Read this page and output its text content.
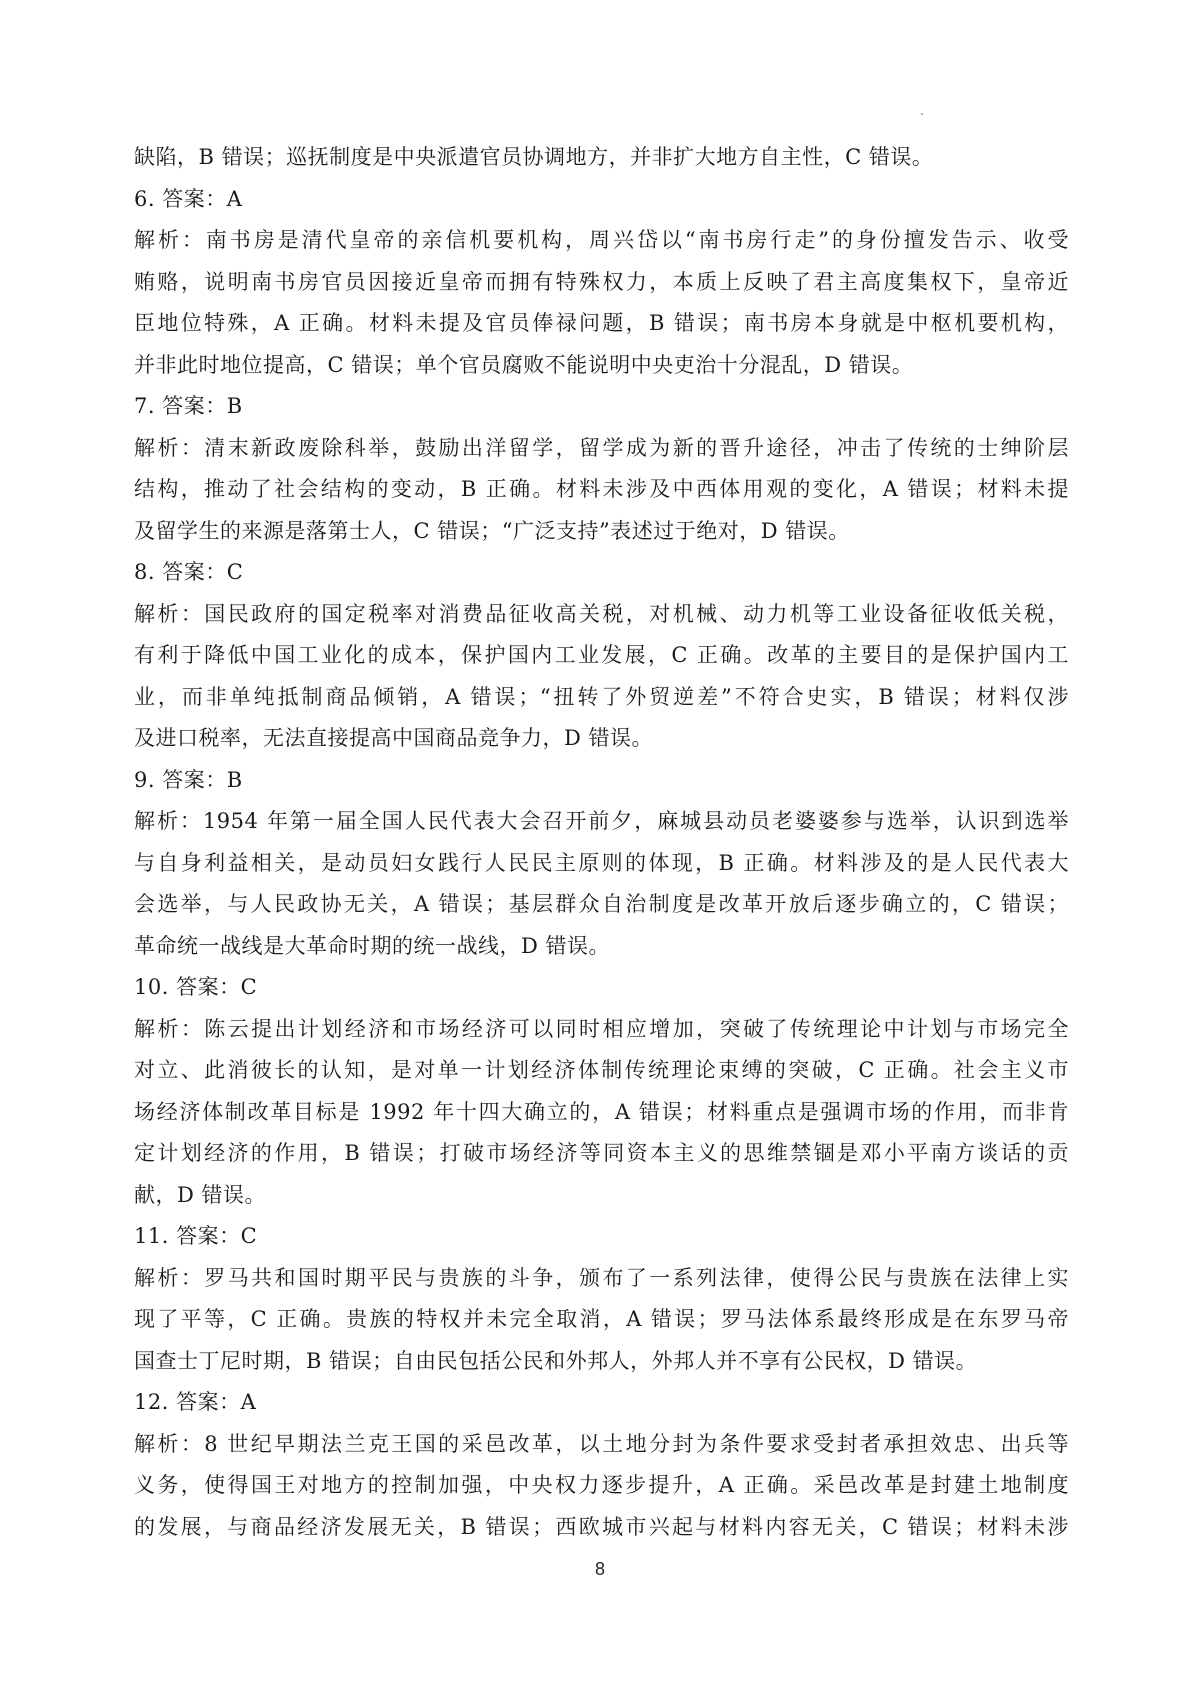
缺陷，B 错误；巡抚制度是中央派遣官员协调地方，并非扩大地方自主性，C 错误。
6. 答案：A
解析：南书房是清代皇帝的亲信机要机构，周兴岱以“南书房行走”的身份擅发告示、收受
贿赂，说明南书房官员因接近皇帝而拥有特殊权力，本质上反映了君主高度集权下，皇帝近
臣地位特殊，A 正确。材料未提及官员俸禄问题，B 错误；南书房本身就是中枢机要机构，
并非此时地位提高，C 错误；单个官员腐败不能说明中央吏治十分混乱，D 错误。
7. 答案：B
解析：清末新政废除科举，鼓励出洋留学，留学成为新的晋升途径，冲击了传统的士绅阶层
结构，推动了社会结构的变动，B 正确。材料未涉及中西体用观的变化，A 错误；材料未提
及留学生的来源是落第士人，C 错误；“广泛支持”表述过于绝对，D 错误。
8. 答案：C
解析：国民政府的国定税率对消费品征收高关税，对机械、动力机等工业设备征收低关税，
有利于降低中国工业化的成本，保护国内工业发展，C 正确。改革的主要目的是保护国内工
业，而非单纯抵制商品倾销，A 错误；“扭转了外贸逆差”不符合史实，B 错误；材料仅涉
及进口税率，无法直接提高中国商品竞争力，D 错误。
9. 答案：B
解析：1954 年第一届全国人民代表大会召开前夕，麻城县动员老婆婆参与选举，认识到选举
与自身利益相关，是动员妇女践行人民民主原则的体现，B 正确。材料涉及的是人民代表大
会选举，与人民政协无关，A 错误；基层群众自治制度是改革开放后逐步确立的，C 错误；
革命统一战线是大革命时期的统一战线，D 错误。
10. 答案：C
解析：陈云提出计划经济和市场经济可以同时相应增加，突破了传统理论中计划与市场完全
对立、此消彼长的认知，是对单一计划经济体制传统理论束缚的突破，C 正确。社会主义市
场经济体制改革目标是 1992 年十四大确立的，A 错误；材料重点是强调市场的作用，而非肯
定计划经济的作用，B 错误；打破市场经济等同资本主义的思维禁锢是邓小平南方谈话的贡
献，D 错误。
11. 答案：C
解析：罗马共和国时期平民与贵族的斗争，颁布了一系列法律，使得公民与贵族在法律上实
现了平等，C 正确。贵族的特权并未完全取消，A 错误；罗马法体系最终形成是在东罗马帝
国查士丁尼时期，B 错误；自由民包括公民和外邦人，外邦人并不享有公民权，D 错误。
12. 答案：A
解析：8 世纪早期法兰克王国的采邑改革，以土地分封为条件要求受封者承担效忠、出兵等
义务，使得国王对地方的控制加强，中央权力逐步提升，A 正确。采邑改革是封建土地制度
的发展，与商品经济发展无关，B 错误；西欧城市兴起与材料内容无关，C 错误；材料未涉
8
